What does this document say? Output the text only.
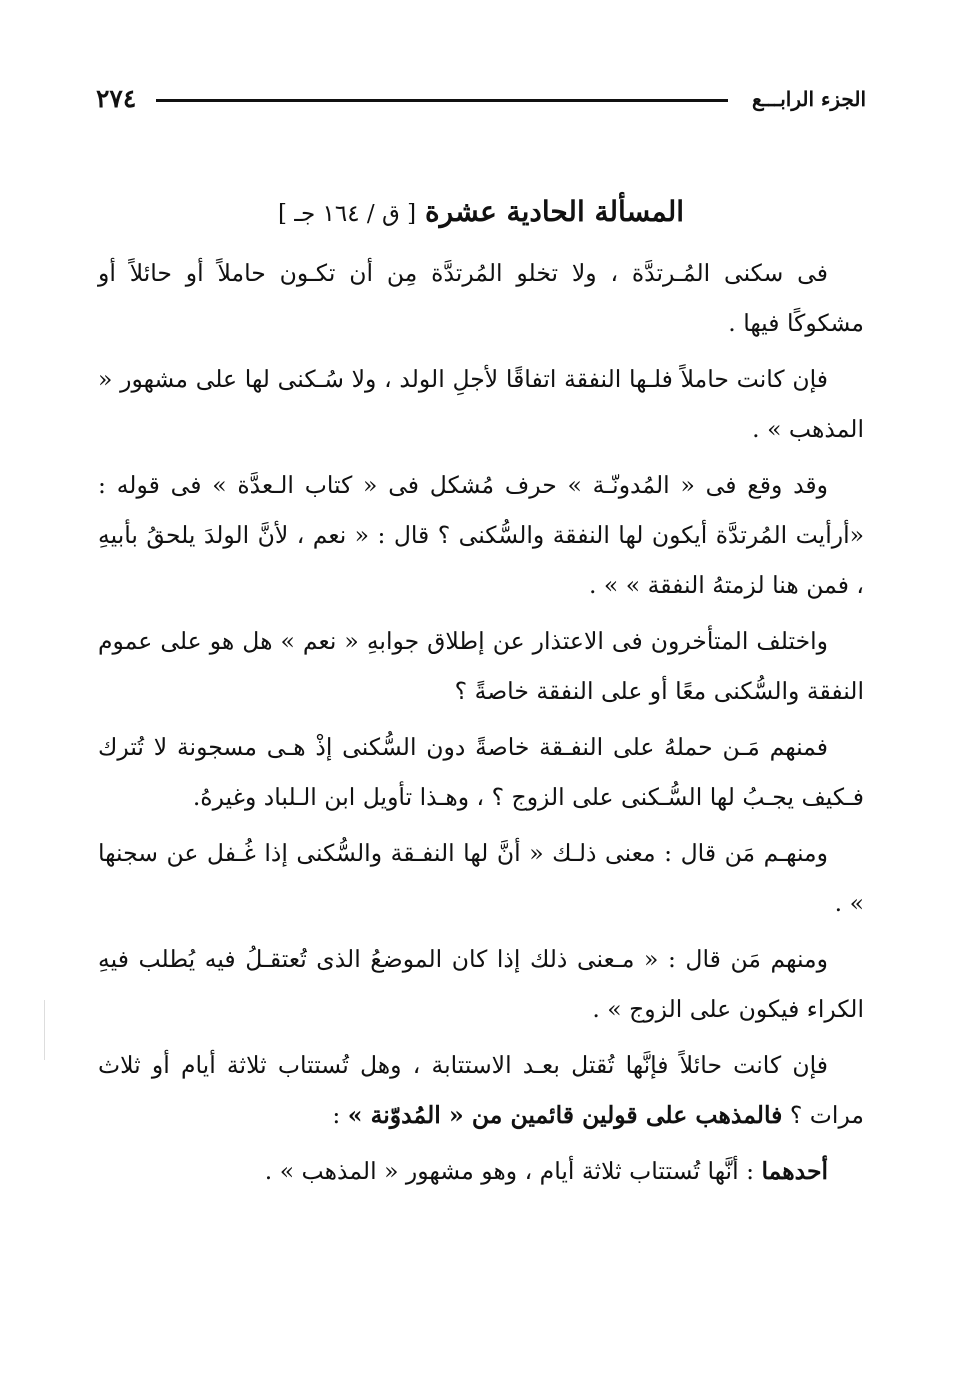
٢٧٤	الجزء الرابـــع
المسألة الحادية عشرة [ ق / ١٦٤ جـ ]

فى سكنى المُـرتدَّة ، ولا تخلو المُرتدَّة مِن أن تكـون حاملاً أو حائلاً أو مشكوكًا فيها .

فإن كانت حاملاً فلـها النفقة اتفاقًا لأجلِ الولد ، ولا سُـكنى لها على مشهور « المذهب » .

وقد وقع فى « المُدونّـة » حرف مُشكل فى « كتاب الـعدَّة » فى قوله : «أرأيت المُرتدَّة أيكون لها النفقة والسُّكنى ؟ قال : « نعم ، لأنَّ الولدَ يلحقُ بأبيهِ ، فمن هنا لزمتهُ النفقة » » .

واختلف المتأخرون فى الاعتذار عن إطلاق جوابهِ « نعم » هل هو على عموم النفقة والسُّكنى معًا أو على النفقة خاصةً ؟

فمنهم مَـن حملهُ على النفـقة خاصةً دون السُّكنى إذْ هـى مسجونة لا تُترك فـكيف يجـبُ لها السُّـكنى على الزوج ؟ ، وهـذا تأويل ابن الـلباد وغيرهُ.

ومنهـم مَن قال : معنى ذلـك « أنَّ لها النفـقة والسُّكنى إذا غُـفل عن سجنها » .

ومنهم مَن قال : « مـعنى ذلك إذا كان الموضعُ الذى تُعتقـلُ فيه يُطلب فيهِ الكراء فيكون على الزوج » .

فإن كانت حائلاً فإنَّها تُقتل بعـد الاستتابة ، وهل تُستتاب ثلاثة أيام أو ثلاث مرات ؟ فالمذهب على قولين قائمين من « المُدوّنة » :

أحدهما : أنَّها تُستتاب ثلاثة أيام ، وهو مشهور « المذهب » .
